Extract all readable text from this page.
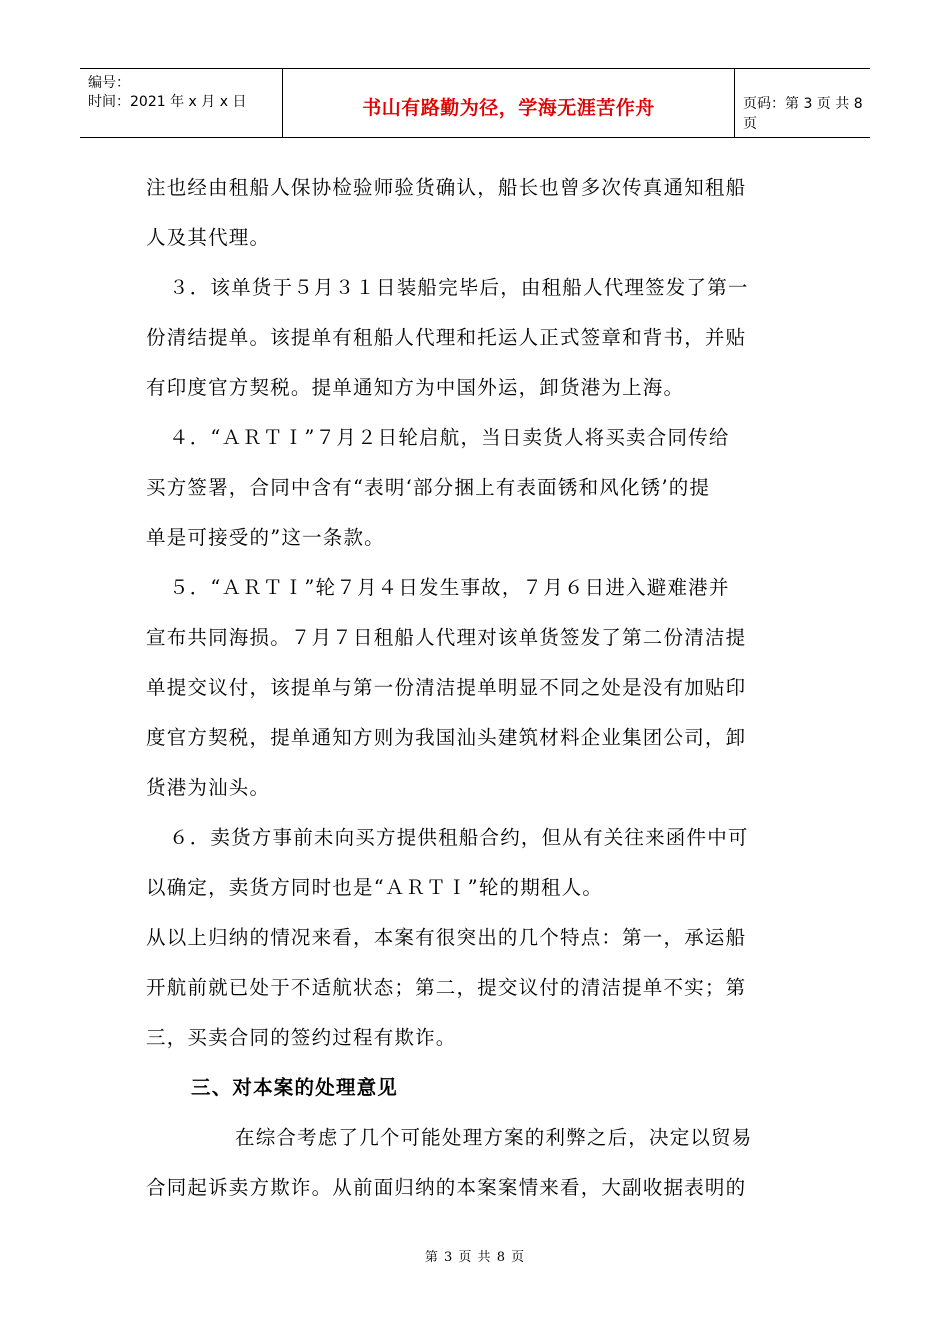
编号：
时间：2021 年 x 月 x 日	书山有路勤为径，学海无涯苦作舟	页码：第 3 页 共 8 页
注也经由租船人保协检验师验货确认，船长也曾多次传真通知租船
人及其代理。
３．该单货于５月３１日装船完毕后，由租船人代理签发了第一
份清结提单。该提单有租船人代理和托运人正式签章和背书，并贴
有印度官方契税。提单通知方为中国外运，卸货港为上海。
４．“ＡＲＴＩ”７月２日轮启航，当日卖货人将买卖合同传给
买方签署，合同中含有“表明‘部分捆上有表面锈和风化锈’的提
单是可接受的”这一条款。
５．“ＡＲＴＩ”轮７月４日发生事故，７月６日进入避难港并
宣布共同海损。７月７日租船人代理对该单货签发了第二份清洁提
单提交议付，该提单与第一份清洁提单明显不同之处是没有加贴印
度官方契税，提单通知方则为我国汕头建筑材料企业集团公司，卸
货港为汕头。
６．卖货方事前未向买方提供租船合约，但从有关往来函件中可
以确定，卖货方同时也是“ＡＲＴＩ”轮的期租人。
从以上归纳的情况来看，本案有很突出的几个特点：第一，承运船
开航前就已处于不适航状态；第二，提交议付的清洁提单不实；第
三，买卖合同的签约过程有欺诈。
三、对本案的处理意见
在综合考虑了几个可能处理方案的利弊之后，决定以贸易
合同起诉卖方欺诈。从前面归纳的本案案情来看，大副收据表明的
第 3 页 共 8 页
